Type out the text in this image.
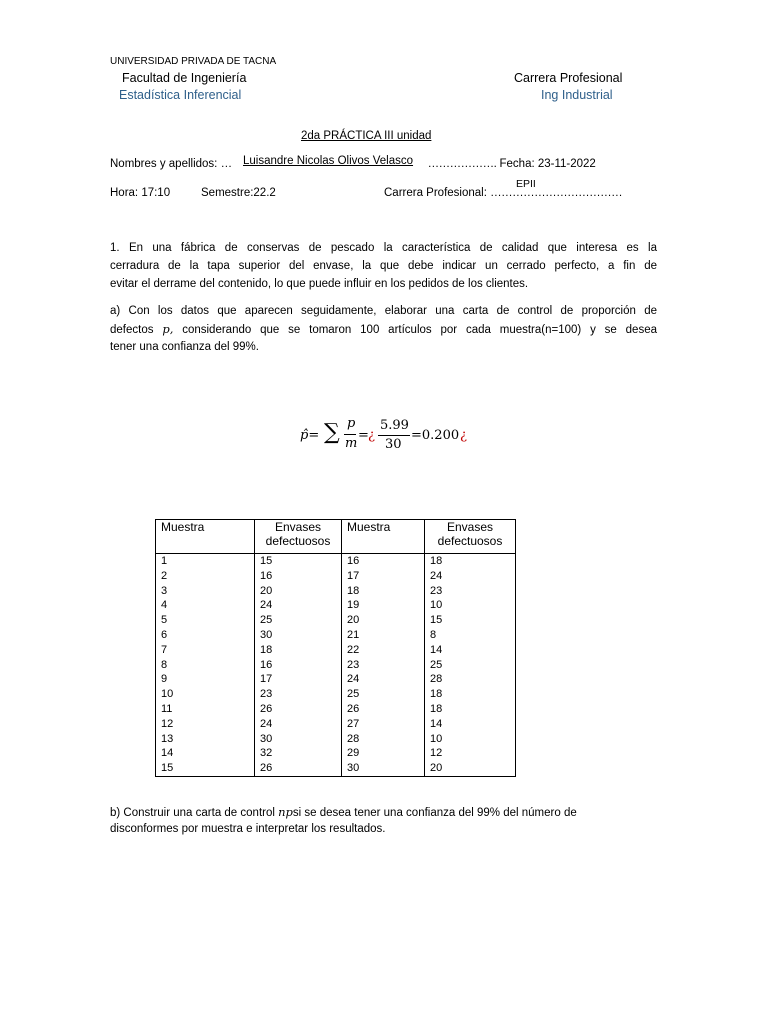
UNIVERSIDAD PRIVADA DE TACNA
Facultad de Ingeniería	Carrera Profesional
Estadística Inferencial	Ing Industrial
2da PRÁCTICA III unidad
Nombres y apellidos: …	………………. Fecha: 23-11-2022
Luisandre Nicolas Olivos Velasco
Hora: 17:10	Semestre:22.2	Carrera Profesional: ………………………………
EPII
1. En una fábrica de conservas de pescado la característica de calidad que interesa es la
cerradura de la tapa superior del envase, la que debe indicar un cerrado perfecto, a fin de
evitar el derrame del contenido, lo que puede influir en los pedidos de los clientes.
a) Con los datos que aparecen seguidamente, elaborar una carta de control de proporción de
defectos p, considerando que se tomaron 100 artículos por cada muestra(n=100) y se desea
tener una confianza del 99%.
p̂= ∑ p
m
= ¿
5.99
30
=0.200 ¿
Muestra	Envases defectuosos	Muestra	Envases defectuosos
1	15	16	18
2	16	17	24
3	20	18	23
4	24	19	10
5	25	20	15
6	30	21	8
7	18	22	14
8	16	23	25
9	17	24	28
10	23	25	18
11	26	26	18
12	24	27	14
13	30	28	10
14	32	29	12
15	26	30	20
b) Construir una carta de control npsi se desea tener una confianza del 99% del número de
disconformes por muestra e interpretar los resultados.
